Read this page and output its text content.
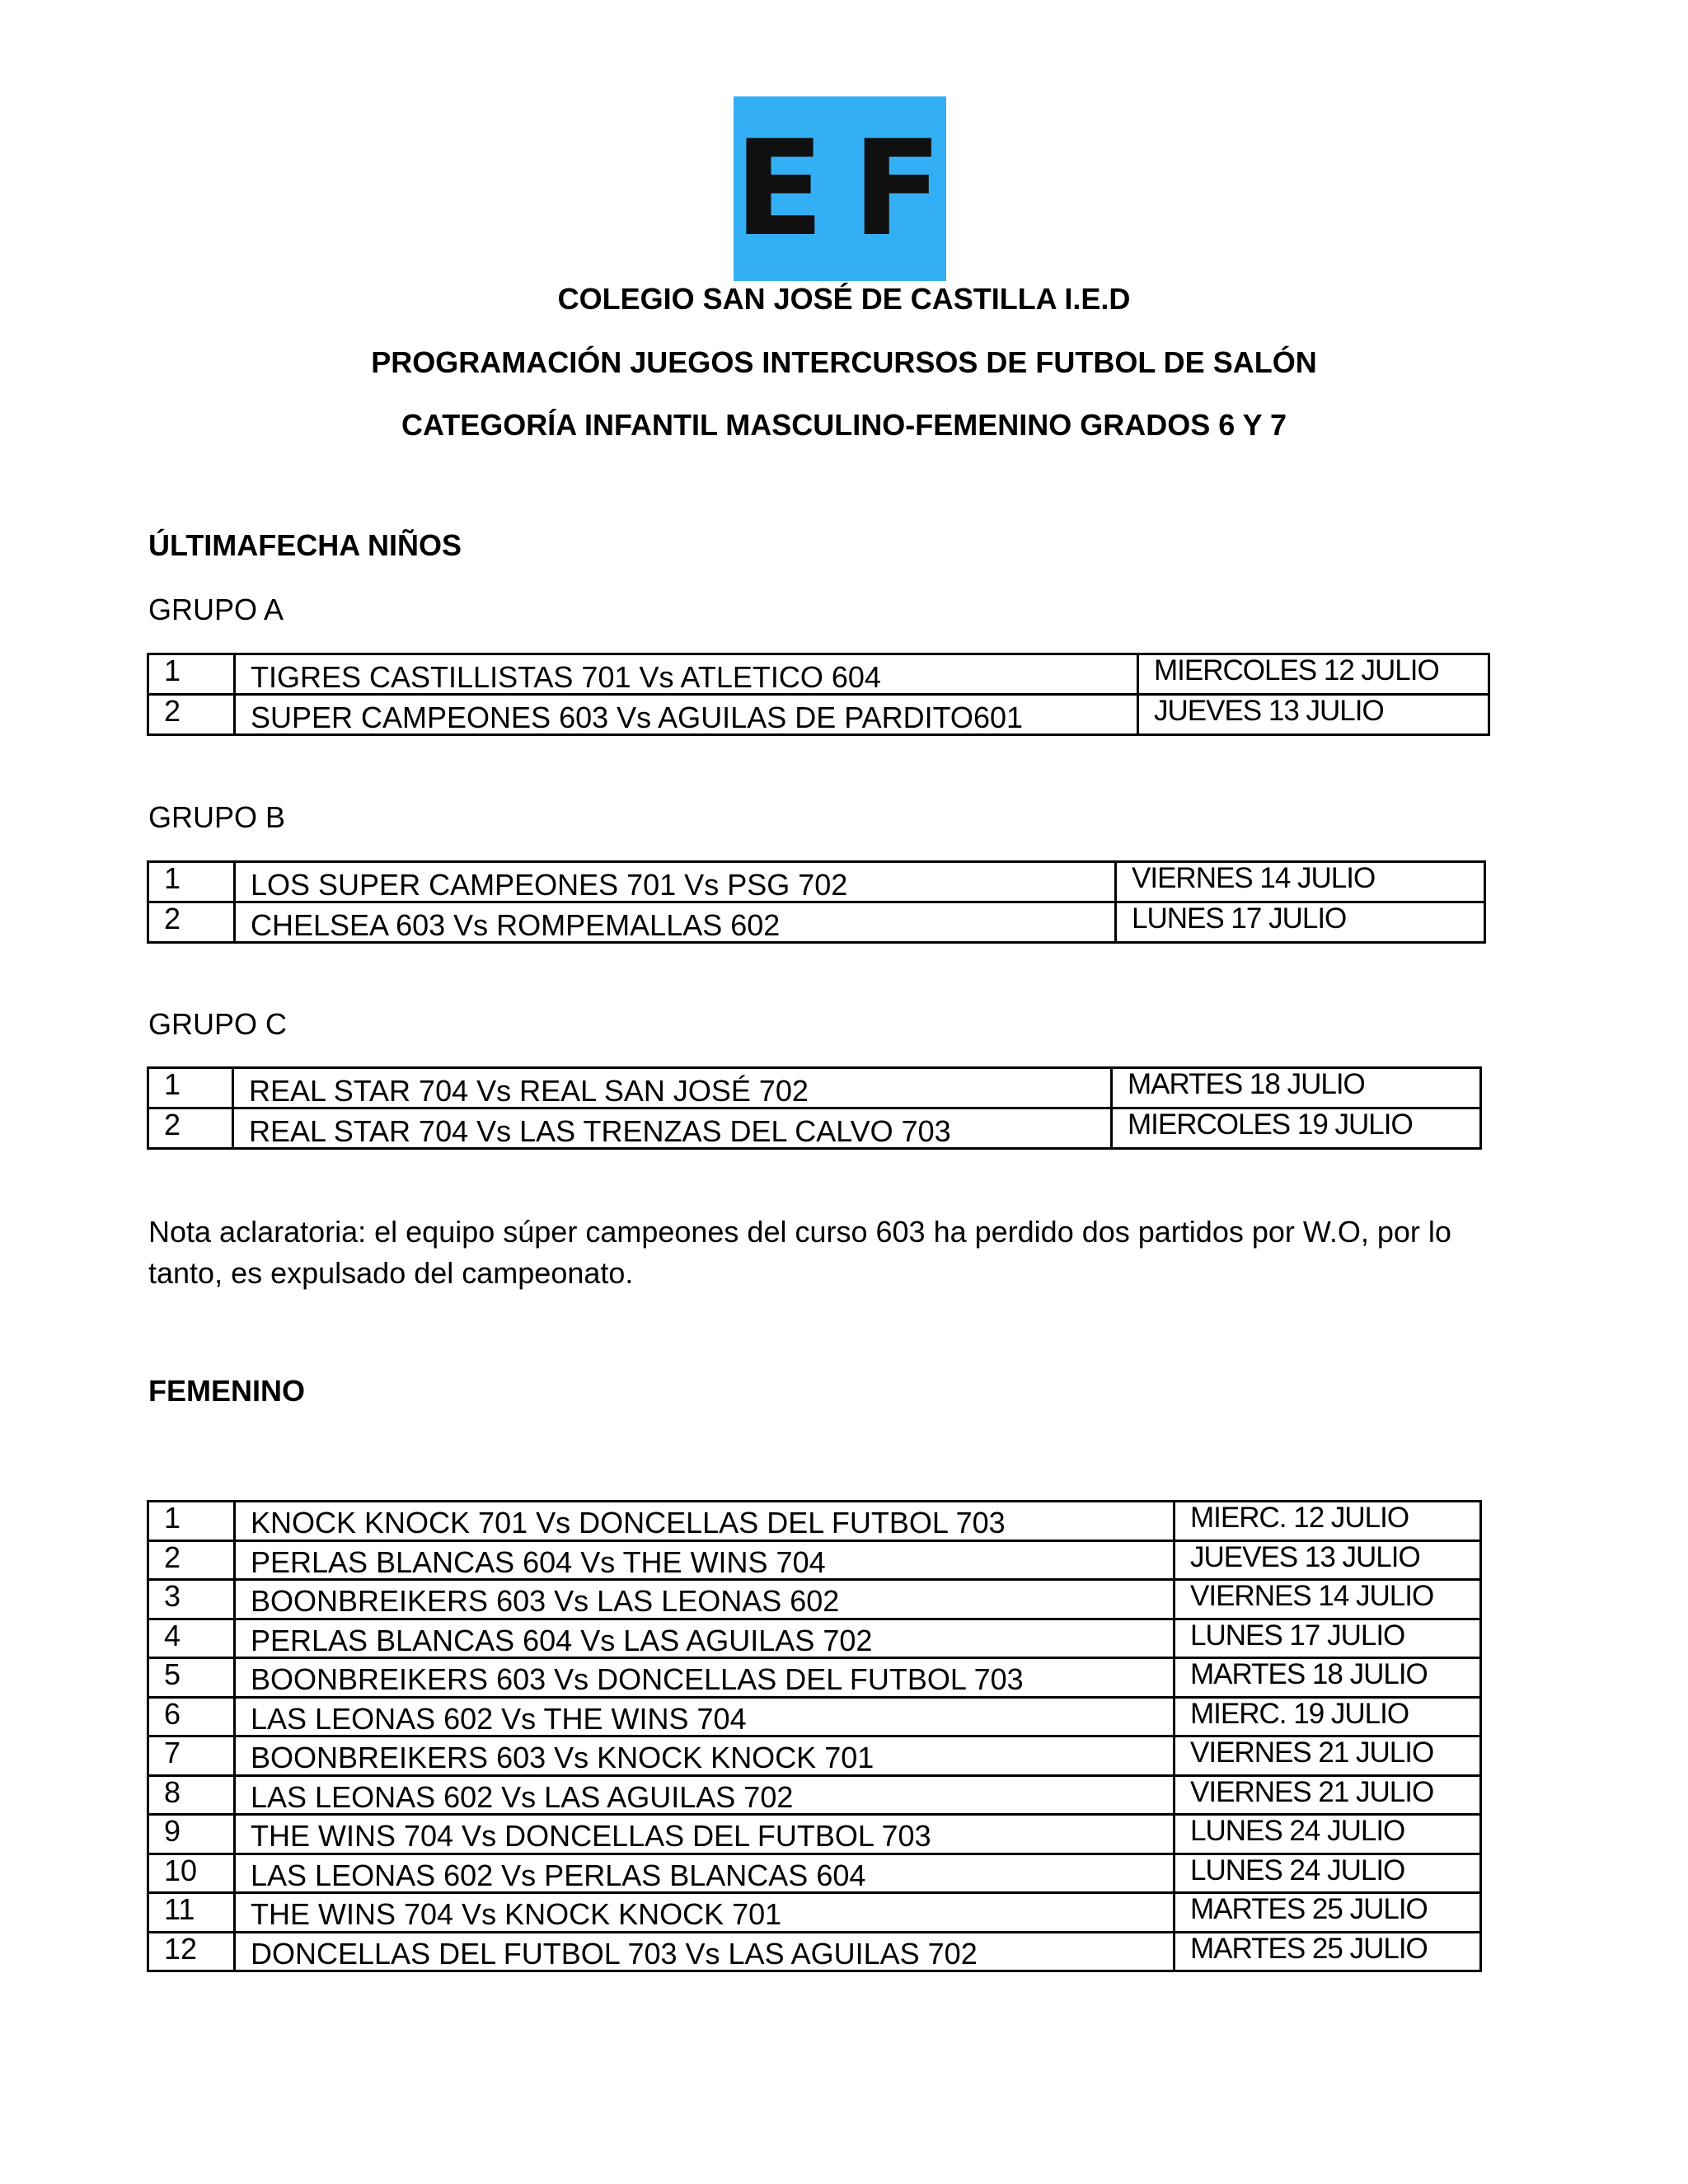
EF
COLEGIO SAN JOSÉ DE CASTILLA I.E.D
PROGRAMACIÓN JUEGOS INTERCURSOS DE FUTBOL DE SALÓN
CATEGORÍA INFANTIL MASCULINO-FEMENINO GRADOS 6 Y 7
ÚLTIMAFECHA NIÑOS
GRUPO A
1	TIGRES CASTILLISTAS 701 Vs ATLETICO 604	MIERCOLES 12 JULIO
2	SUPER CAMPEONES 603 Vs AGUILAS DE PARDITO601	JUEVES 13 JULIO
GRUPO B
1	LOS SUPER CAMPEONES 701 Vs PSG 702	VIERNES 14 JULIO
2	CHELSEA 603 Vs ROMPEMALLAS 602	LUNES 17 JULIO
GRUPO C
1	REAL STAR 704 Vs REAL SAN JOSÉ 702	MARTES 18 JULIO
2	REAL STAR 704 Vs LAS TRENZAS DEL CALVO 703	MIERCOLES 19 JULIO
Nota aclaratoria: el equipo súper campeones del curso 603 ha perdido dos partidos por W.O, por lo tanto, es expulsado del campeonato.
FEMENINO
1	KNOCK KNOCK 701 Vs DONCELLAS DEL FUTBOL 703	MIERC. 12 JULIO
2	PERLAS BLANCAS 604 Vs THE WINS 704	JUEVES 13 JULIO
3	BOONBREIKERS 603 Vs LAS LEONAS 602	VIERNES 14 JULIO
4	PERLAS BLANCAS 604 Vs LAS AGUILAS 702	LUNES 17 JULIO
5	BOONBREIKERS 603 Vs DONCELLAS DEL FUTBOL 703	MARTES 18 JULIO
6	LAS LEONAS 602 Vs THE WINS 704	MIERC. 19 JULIO
7	BOONBREIKERS 603 Vs KNOCK KNOCK 701	VIERNES 21 JULIO
8	LAS LEONAS 602 Vs LAS AGUILAS 702	VIERNES 21 JULIO
9	THE WINS 704 Vs DONCELLAS DEL FUTBOL 703	LUNES 24 JULIO
10	LAS LEONAS 602 Vs PERLAS BLANCAS 604	LUNES 24 JULIO
11	THE WINS 704 Vs KNOCK KNOCK 701	MARTES 25 JULIO
12	DONCELLAS DEL FUTBOL 703 Vs LAS AGUILAS 702	MARTES 25 JULIO
